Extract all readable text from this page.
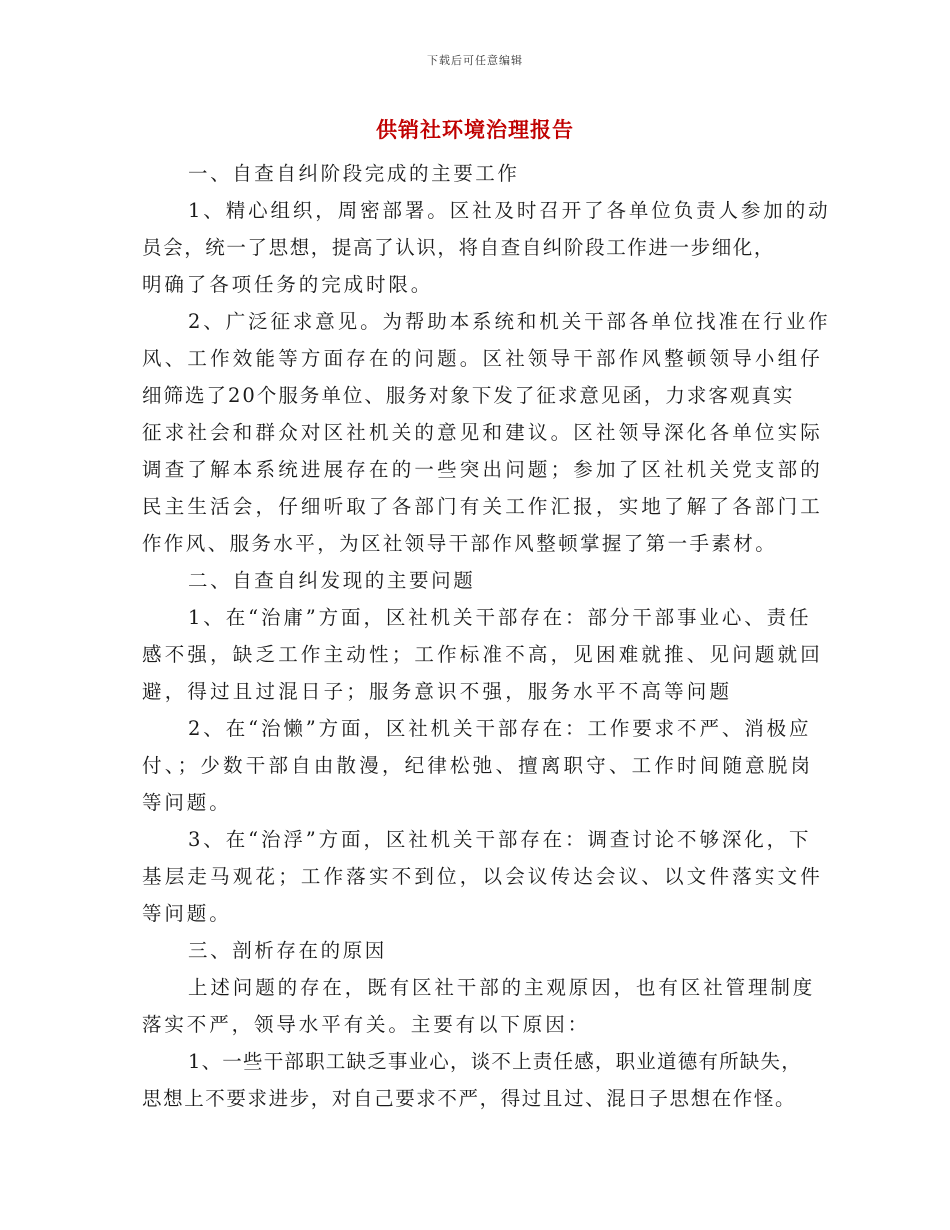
下载后可任意编辑
供销社环境治理报告
一、自查自纠阶段完成的主要工作
1、精心组织，周密部署。区社及时召开了各单位负责人参加的动
员会，统一了思想，提高了认识，将自查自纠阶段工作进一步细化，
明确了各项任务的完成时限。
2、广泛征求意见。为帮助本系统和机关干部各单位找准在行业作
风、工作效能等方面存在的问题。区社领导干部作风整顿领导小组仔
细筛选了20个服务单位、服务对象下发了征求意见函，力求客观真实
征求社会和群众对区社机关的意见和建议。区社领导深化各单位实际
调查了解本系统进展存在的一些突出问题；参加了区社机关党支部的
民主生活会，仔细听取了各部门有关工作汇报，实地了解了各部门工
作作风、服务水平，为区社领导干部作风整顿掌握了第一手素材。
二、自查自纠发现的主要问题
1、在“治庸”方面，区社机关干部存在：部分干部事业心、责任
感不强，缺乏工作主动性；工作标准不高，见困难就推、见问题就回
避，得过且过混日子；服务意识不强，服务水平不高等问题
2、在“治懒”方面，区社机关干部存在：工作要求不严、消极应
付、；少数干部自由散漫，纪律松弛、擅离职守、工作时间随意脱岗
等问题。
3、在“治浮”方面，区社机关干部存在：调查讨论不够深化，下
基层走马观花；工作落实不到位，以会议传达会议、以文件落实文件
等问题。
三、剖析存在的原因
上述问题的存在，既有区社干部的主观原因，也有区社管理制度
落实不严，领导水平有关。主要有以下原因：
1、一些干部职工缺乏事业心，谈不上责任感，职业道德有所缺失，
思想上不要求进步，对自己要求不严，得过且过、混日子思想在作怪。
